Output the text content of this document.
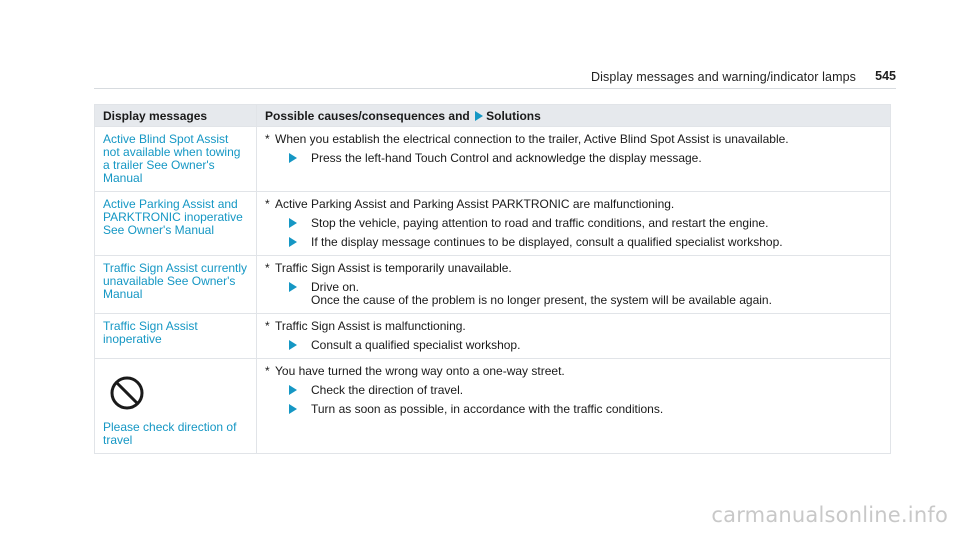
Display messages and warning/indicator lamps 545
Display messages	Possible causes/consequences and Solutions
Active Blind Spot Assist not available when towing a trailer See Owner's Manual	* When you establish the electrical connection to the trailer, Active Blind Spot Assist is unavailable.
Press the left-hand Touch Control and acknowledge the display message.

Active Parking Assist and PARKTRONIC inoperative See Owner's Manual	* Active Parking Assist and Parking Assist PARKTRONIC are malfunctioning.
Stop the vehicle, paying attention to road and traffic conditions, and restart the engine.
If the display message continues to be displayed, consult a qualified specialist workshop.

Traffic Sign Assist currently unavailable See Owner's Manual	* Traffic Sign Assist is temporarily unavailable.
Drive on.
Once the cause of the problem is no longer present, the system will be available again.

Traffic Sign Assist inoperative	* Traffic Sign Assist is malfunctioning.
Consult a qualified specialist workshop.

Please check direction of travel	* You have turned the wrong way onto a one-way street.
Check the direction of travel.
Turn as soon as possible, in accordance with the traffic conditions.
carmanualsonline.info
